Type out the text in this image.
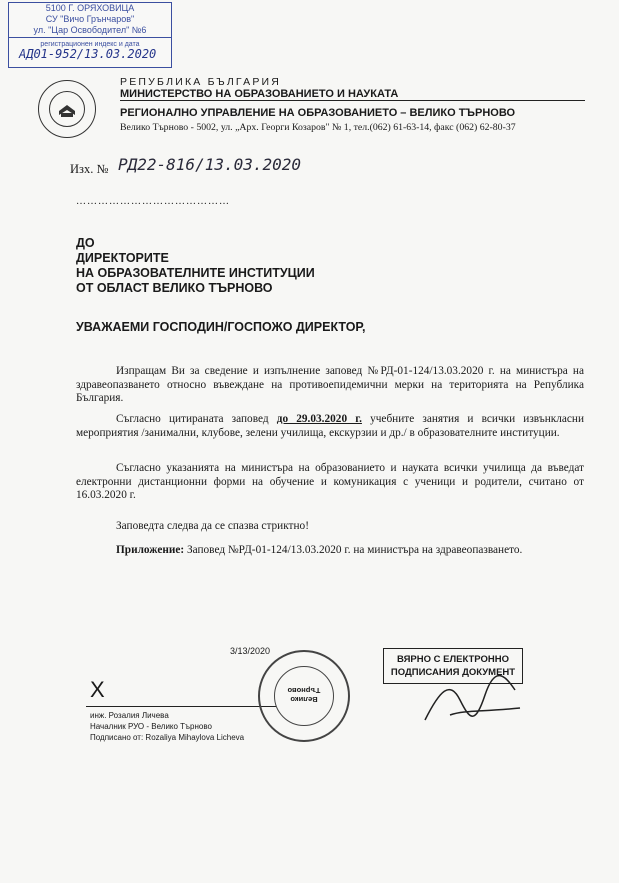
5100 Г. ОРЯХОВИЦА
СУ "Вичо Грънчаров"
ул. "Цар Освободител" №6
регистрационен индекс и дата
АД01-952/13.03.2020
РЕПУБЛИКА БЪЛГАРИЯ
МИНИСТЕРСТВО НА ОБРАЗОВАНИЕТО И НАУКАТА
РЕГИОНАЛНО УПРАВЛЕНИЕ НА ОБРАЗОВАНИЕТО – ВЕЛИКО ТЪРНОВО
Велико Търново - 5002, ул. „Арх. Георги Козаров" № 1, тел.(062) 61-63-14, факс (062) 62-80-37
Изх. № РД22-816/13.03.2020
……………………………………
ДО
ДИРЕКТОРИТЕ
НА ОБРАЗОВАТЕЛНИТЕ ИНСТИТУЦИИ
ОТ ОБЛАСТ ВЕЛИКО ТЪРНОВО
УВАЖАЕМИ ГОСПОДИН/ГОСПОЖО ДИРЕКТОР,
Изпращам Ви за сведение и изпълнение заповед №РД-01-124/13.03.2020 г. на министъра на здравеопазването относно въвеждане на противоепидемични мерки на територията на Република България.
Съгласно цитираната заповед до 29.03.2020 г. учебните занятия и всички извънкласни мероприятия /занимални, клубове, зелени училища, екскурзии и др./ в образователните институции.
Съгласно указанията на министъра на образованието и науката всички училища да въведат електронни дистанционни форми на обучение и комуникация с ученици и родители, считано от 16.03.2020 г.
Заповедта следва да се спазва стриктно!
Приложение: Заповед №РД-01-124/13.03.2020 г. на министъра на здравеопазването.
3/13/2020
X
инж. Розалия Личева
Началник РУО - Велико Търново
Подписано от: Rozaliya Mihaylova Licheva
Велико Търново
ВЯРНО С ЕЛЕКТРОННО
ПОДПИСАНИЯ ДОКУМЕНТ
